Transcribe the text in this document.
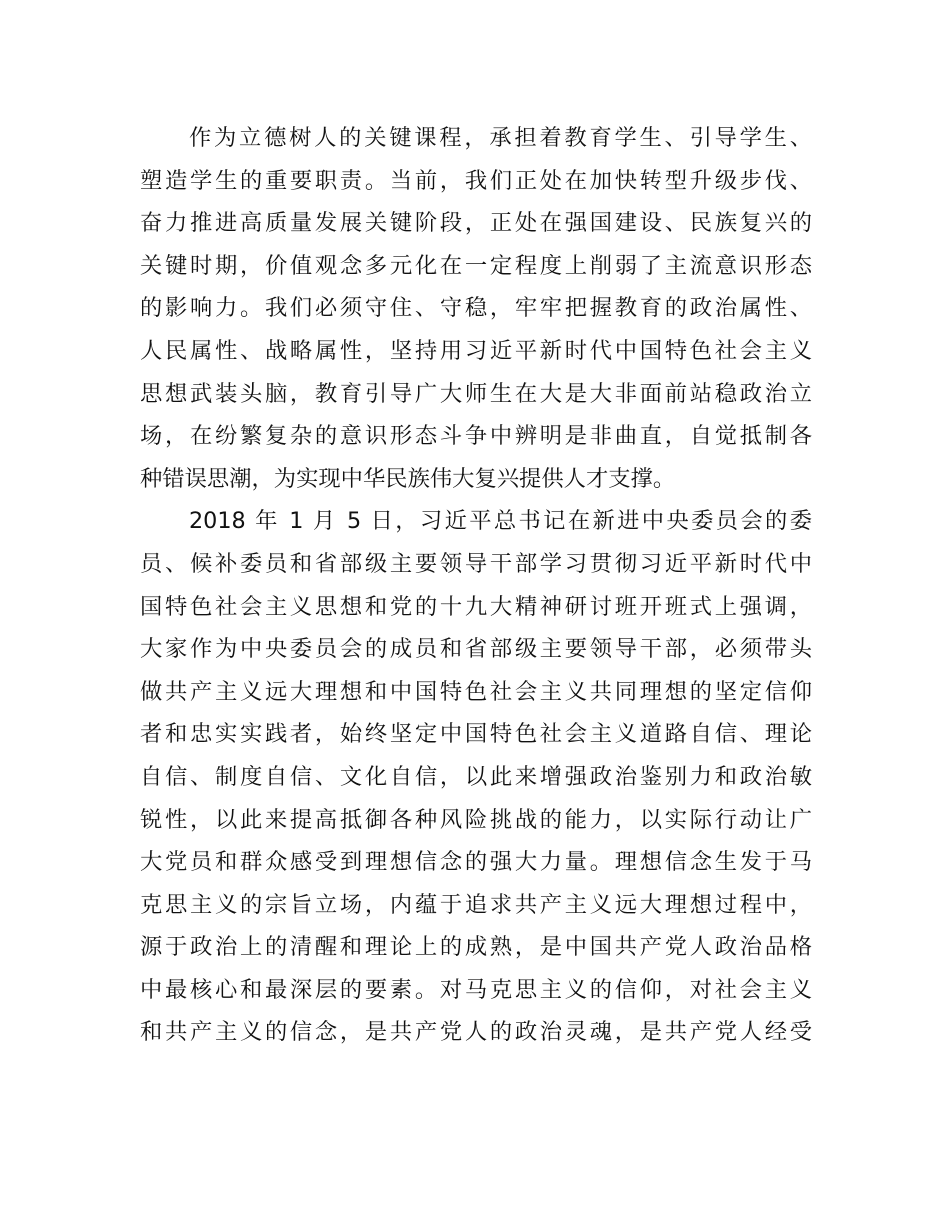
作为立德树人的关键课程，承担着教育学生、引导学生、
塑造学生的重要职责。当前，我们正处在加快转型升级步伐、
奋力推进高质量发展关键阶段，正处在强国建设、民族复兴的
关键时期，价值观念多元化在一定程度上削弱了主流意识形态
的影响力。我们必须守住、守稳，牢牢把握教育的政治属性、
人民属性、战略属性，坚持用习近平新时代中国特色社会主义
思想武装头脑，教育引导广大师生在大是大非面前站稳政治立
场，在纷繁复杂的意识形态斗争中辨明是非曲直，自觉抵制各
种错误思潮，为实现中华民族伟大复兴提供人才支撑。
2018 年 1 月 5 日，习近平总书记在新进中央委员会的委
员、候补委员和省部级主要领导干部学习贯彻习近平新时代中
国特色社会主义思想和党的十九大精神研讨班开班式上强调，
大家作为中央委员会的成员和省部级主要领导干部，必须带头
做共产主义远大理想和中国特色社会主义共同理想的坚定信仰
者和忠实实践者，始终坚定中国特色社会主义道路自信、理论
自信、制度自信、文化自信，以此来增强政治鉴别力和政治敏
锐性，以此来提高抵御各种风险挑战的能力，以实际行动让广
大党员和群众感受到理想信念的强大力量。理想信念生发于马
克思主义的宗旨立场，内蕴于追求共产主义远大理想过程中，
源于政治上的清醒和理论上的成熟，是中国共产党人政治品格
中最核心和最深层的要素。对马克思主义的信仰，对社会主义
和共产主义的信念，是共产党人的政治灵魂，是共产党人经受
